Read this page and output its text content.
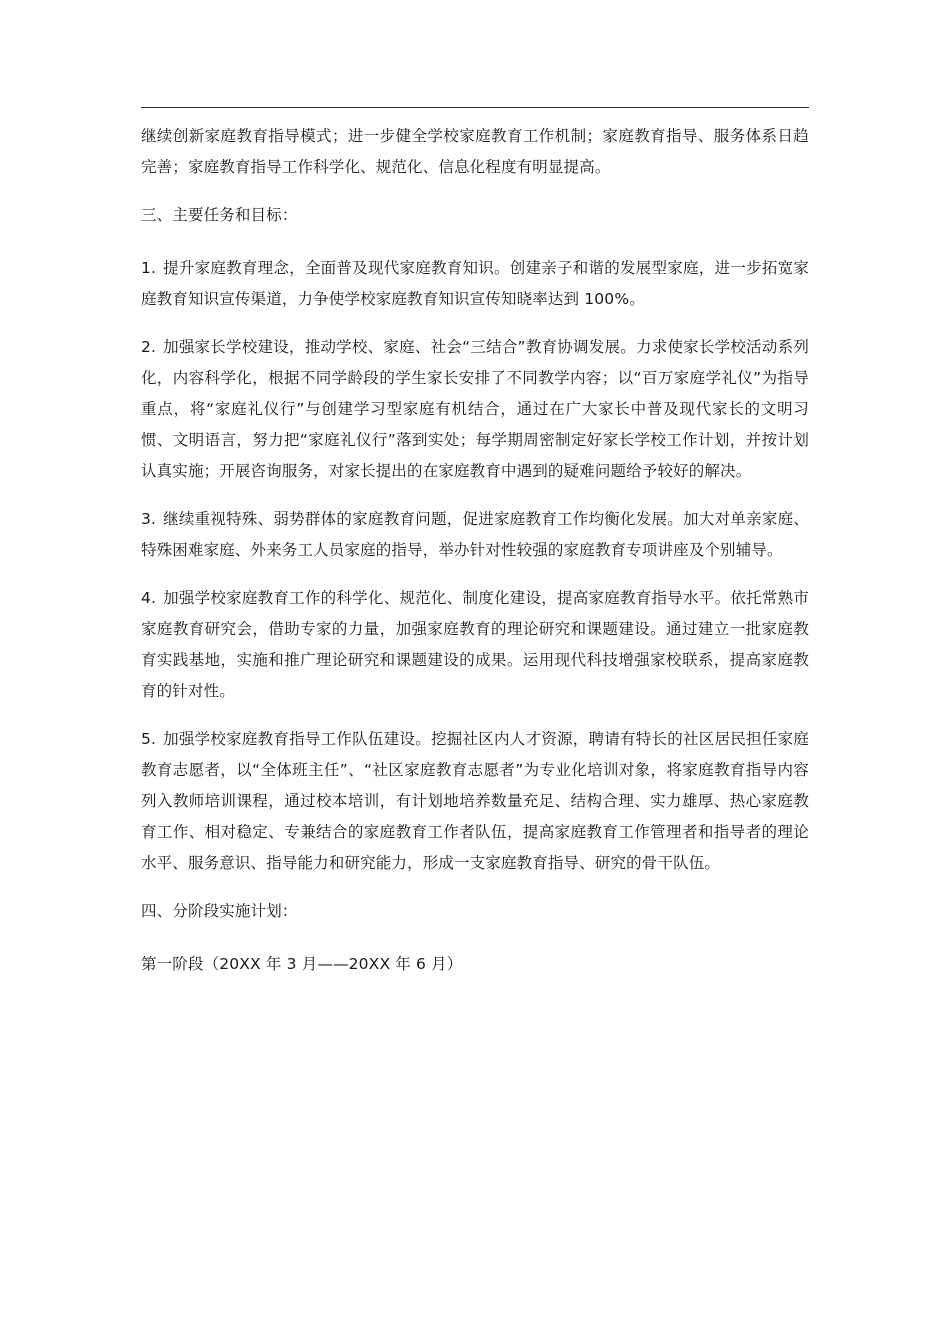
继续创新家庭教育指导模式；进一步健全学校家庭教育工作机制；家庭教育指导、服务体系日趋完善；家庭教育指导工作科学化、规范化、信息化程度有明显提高。

三、主要任务和目标：

1. 提升家庭教育理念，全面普及现代家庭教育知识。创建亲子和谐的发展型家庭，进一步拓宽家庭教育知识宣传渠道，力争使学校家庭教育知识宣传知晓率达到 100%。

2. 加强家长学校建设，推动学校、家庭、社会“三结合”教育协调发展。力求使家长学校活动系列化，内容科学化，根据不同学龄段的学生家长安排了不同教学内容；以“百万家庭学礼仪”为指导重点，将“家庭礼仪行”与创建学习型家庭有机结合，通过在广大家长中普及现代家长的文明习惯、文明语言，努力把“家庭礼仪行”落到实处；每学期周密制定好家长学校工作计划，并按计划认真实施；开展咨询服务，对家长提出的在家庭教育中遇到的疑难问题给予较好的解决。

3. 继续重视特殊、弱势群体的家庭教育问题，促进家庭教育工作均衡化发展。加大对单亲家庭、特殊困难家庭、外来务工人员家庭的指导，举办针对性较强的家庭教育专项讲座及个别辅导。

4. 加强学校家庭教育工作的科学化、规范化、制度化建设，提高家庭教育指导水平。依托常熟市家庭教育研究会，借助专家的力量，加强家庭教育的理论研究和课题建设。通过建立一批家庭教育实践基地，实施和推广理论研究和课题建设的成果。运用现代科技增强家校联系，提高家庭教育的针对性。

5. 加强学校家庭教育指导工作队伍建设。挖掘社区内人才资源，聘请有特长的社区居民担任家庭教育志愿者，以“全体班主任”、“社区家庭教育志愿者”为专业化培训对象，将家庭教育指导内容列入教师培训课程，通过校本培训，有计划地培养数量充足、结构合理、实力雄厚、热心家庭教育工作、相对稳定、专兼结合的家庭教育工作者队伍，提高家庭教育工作管理者和指导者的理论水平、服务意识、指导能力和研究能力，形成一支家庭教育指导、研究的骨干队伍。

四、分阶段实施计划：

第一阶段（20XX 年 3 月——20XX 年 6 月）
